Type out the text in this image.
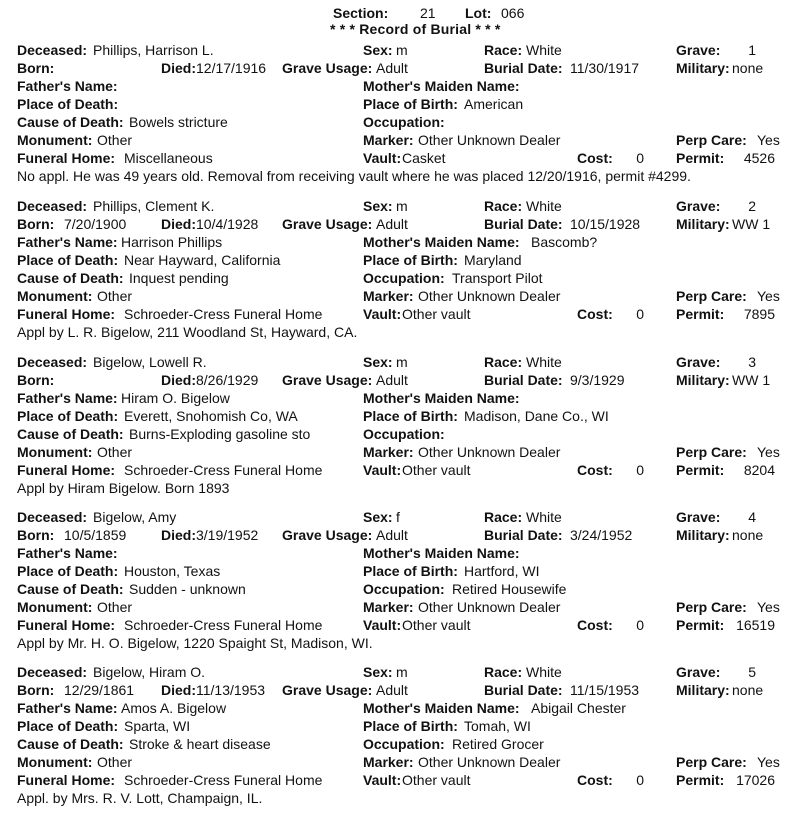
Section: 21 Lot: 066
* * * Record of Burial * * *
Deceased: Phillips, Harrison L.	Sex: m	Race: White	Grave:	1
Born:	Died: 12/17/1916 Grave Usage: Adult	Burial Date: 11/30/1917	Military: none
Father's Name:	Mother's Maiden Name:
Place of Death:	Place of Birth: American
Cause of Death: Bowels stricture	Occupation:
Monument: Other	Marker: Other Unknown Dealer	Perp Care: Yes
Funeral Home: Miscellaneous	Vault: Casket	Cost:	0 Permit:	4526
No appl. He was 49 years old. Removal from receiving vault where he was placed 12/20/1916, permit #4299.
Deceased: Phillips, Clement K.	Sex: m	Race: White	Grave:	2
Born: 7/20/1900 Died: 10/4/1928 Grave Usage: Adult	Burial Date: 10/15/1928	Military: WW 1
Father's Name: Harrison Phillips	Mother's Maiden Name: Bascomb?
Place of Death: Near Hayward, California	Place of Birth: Maryland
Cause of Death: Inquest pending	Occupation: Transport Pilot
Monument: Other	Marker: Other Unknown Dealer	Perp Care: Yes
Funeral Home: Schroeder-Cress Funeral Home	Vault: Other vault	Cost:	0 Permit:	7895
Appl by L. R. Bigelow, 211 Woodland St, Hayward, CA.
Deceased: Bigelow, Lowell R.	Sex: m	Race: White	Grave:	3
Born:	Died: 8/26/1929 Grave Usage: Adult	Burial Date: 9/3/1929	Military: WW 1
Father's Name: Hiram O. Bigelow	Mother's Maiden Name:
Place of Death: Everett, Snohomish Co, WA	Place of Birth: Madison, Dane Co., WI
Cause of Death: Burns-Exploding gasoline sto	Occupation:
Monument: Other	Marker: Other Unknown Dealer	Perp Care: Yes
Funeral Home: Schroeder-Cress Funeral Home	Vault: Other vault	Cost:	0 Permit:	8204
Appl by Hiram Bigelow. Born 1893
Deceased: Bigelow, Amy	Sex: f	Race: White	Grave:	4
Born: 10/5/1859 Died: 3/19/1952 Grave Usage: Adult	Burial Date: 3/24/1952	Military: none
Father's Name:	Mother's Maiden Name:
Place of Death: Houston, Texas	Place of Birth: Hartford, WI
Cause of Death: Sudden - unknown	Occupation: Retired Housewife
Monument: Other	Marker: Other Unknown Dealer	Perp Care: Yes
Funeral Home: Schroeder-Cress Funeral Home	Vault: Other vault	Cost:	0 Permit: 16519
Appl by Mr. H. O. Bigelow, 1220 Spaight St, Madison, WI.
Deceased: Bigelow, Hiram O.	Sex: m	Race: White	Grave:	5
Born: 12/29/1861 Died: 11/13/1953 Grave Usage: Adult	Burial Date: 11/15/1953	Military: none
Father's Name: Amos A. Bigelow	Mother's Maiden Name: Abigail Chester
Place of Death: Sparta, WI	Place of Birth: Tomah, WI
Cause of Death: Stroke & heart disease	Occupation: Retired Grocer
Monument: Other	Marker: Other Unknown Dealer	Perp Care: Yes
Funeral Home: Schroeder-Cress Funeral Home	Vault: Other vault	Cost:	0 Permit: 17026
Appl. by Mrs. R. V. Lott, Champaign, IL.
